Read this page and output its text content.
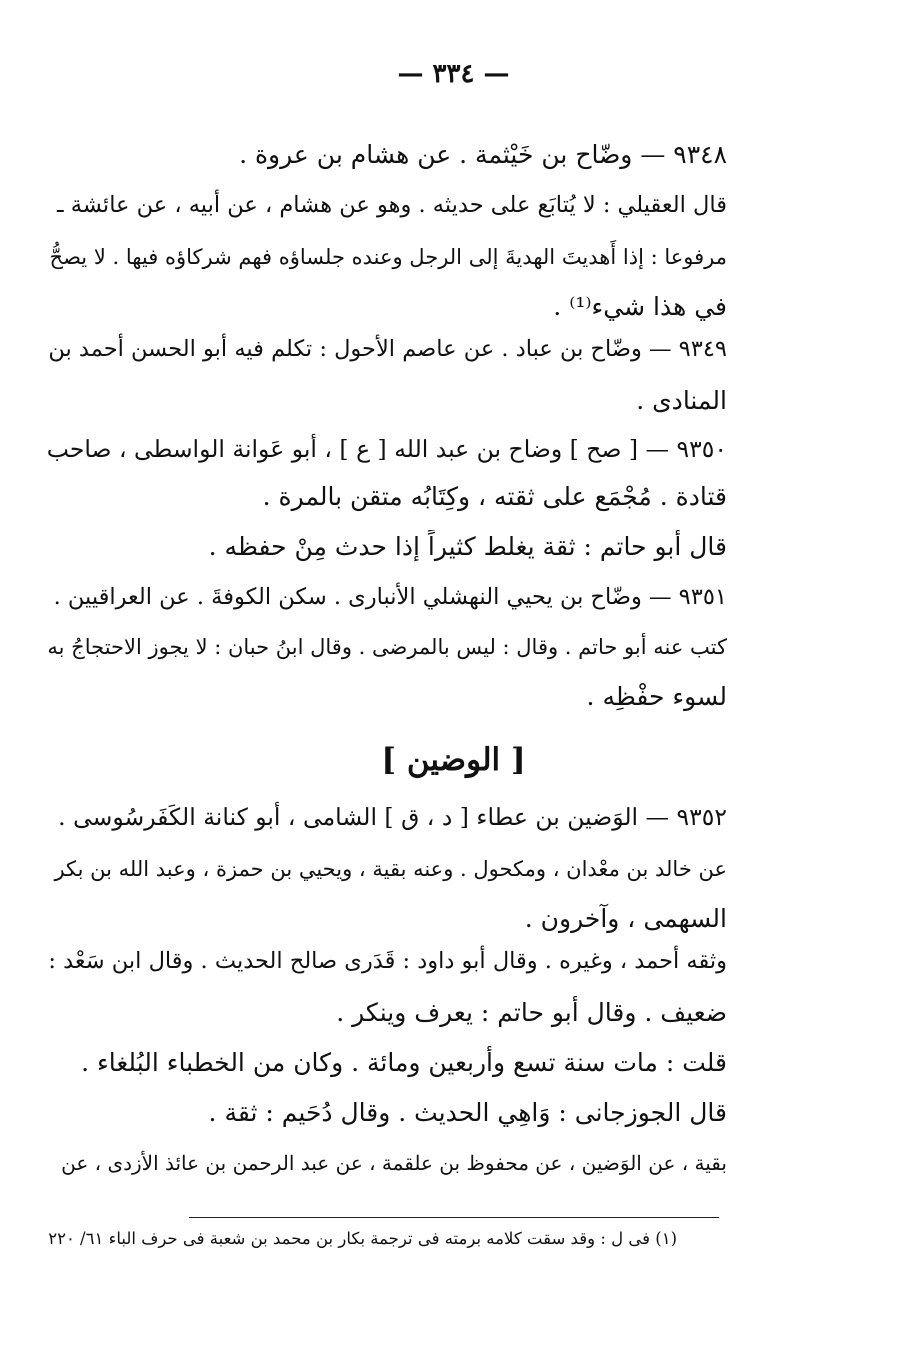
— ٣٣٤ —
٩٣٤٨ — وضّاح بن خَيْثمة . عن هشام بن عروة .
قال العقيلي : لا يُتابَع على حديثه . وهو عن هشام ، عن أبيه ، عن عائشة ـ
مرفوعا : إذا أَهديتَ الهديةَ إلى الرجل وعنده جلساؤه فهم شركاؤه فيها . لا يصحُّ
في هذا شيء⁽¹⁾ .
٩٣٤٩ — وضّاح بن عباد . عن عاصم الأحول : تكلم فيه أبو الحسن أحمد بن
المنادى .
٩٣٥٠ — [ صح ] وضاح بن عبد الله [ ع ] ، أبو عَوانة الواسطى ، صاحب
قتادة . مُجْمَع على ثقته ، وكِتَابُه متقن بالمرة .
قال أبو حاتم : ثقة يغلط كثيراً إذا حدث مِنْ حفظه .
٩٣٥١ — وضّاح بن يحيي النهشلي الأنبارى . سكن الكوفةَ . عن العراقيين .
كتب عنه أبو حاتم . وقال : ليس بالمرضى . وقال ابنُ حبان : لا يجوز الاحتجاجُ به
لسوء حفْظِه .
[ الوضين ]
٩٣٥٢ — الوَضين بن عطاء [ د ، ق ] الشامى ، أبو كنانة الكَفَرسُوسى .
عن خالد بن معْدان ، ومكحول . وعنه بقية ، ويحيي بن حمزة ، وعبد الله بن بكر
السهمى ، وآخرون .
وثقه أحمد ، وغيره . وقال أبو داود : قَدَرى صالح الحديث . وقال ابن سَعْد :
ضعيف . وقال أبو حاتم : يعرف وينكر .
قلت : مات سنة تسع وأربعين ومائة . وكان من الخطباء البُلغاء .
قال الجوزجانى : وَاهِي الحديث . وقال دُحَيم : ثقة .
بقية ، عن الوَضين ، عن محفوظ بن علقمة ، عن عبد الرحمن بن عائذ الأزدى ، عن
(١) فى ل : وقد سقت كلامه برمته فى ترجمة بكار بن محمد بن شعبة فى حرف الباء ٦١/ ٢٢٠
